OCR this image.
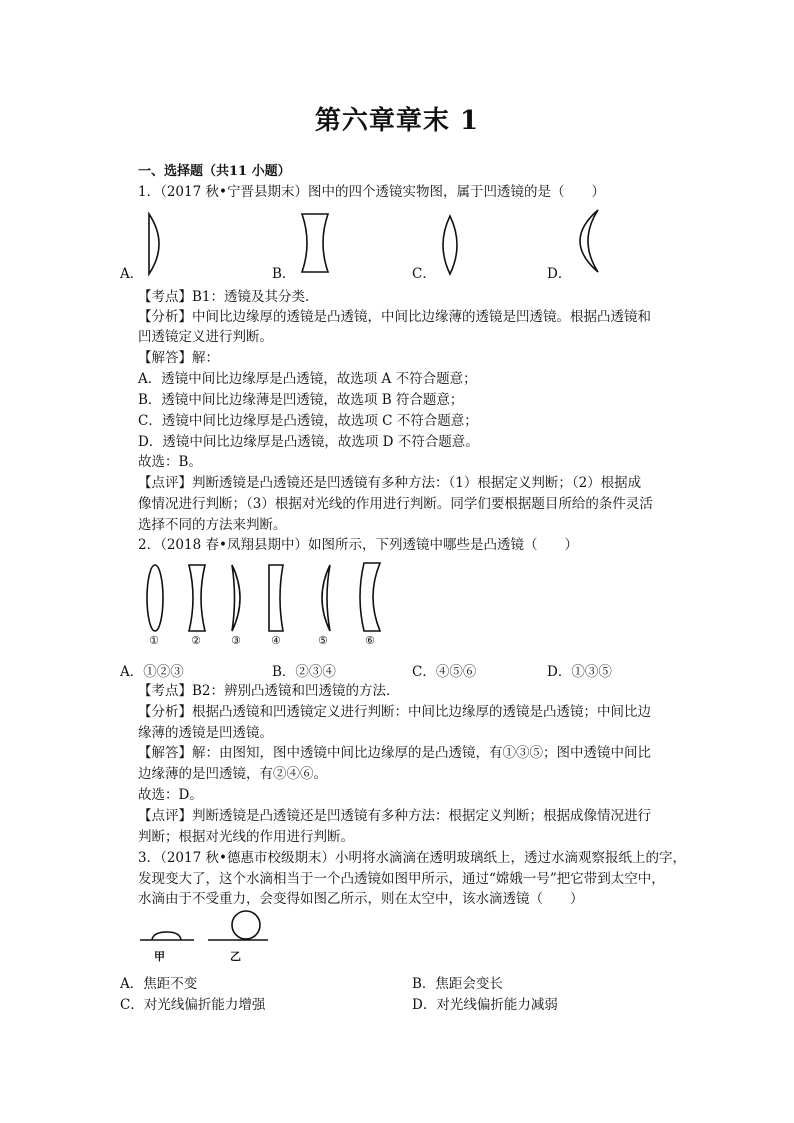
第六章章末 1
一、选择题（共11 小题）
1．（2017 秋•宁晋县期末）图中的四个透镜实物图，属于凹透镜的是（　　）
A．	B．	C．	D．
【考点】B1：透镜及其分类．
【分析】中间比边缘厚的透镜是凸透镜，中间比边缘薄的透镜是凹透镜。根据凸透镜和
凹透镜定义进行判断。
【解答】解：
A．透镜中间比边缘厚是凸透镜，故选项 A 不符合题意；
B．透镜中间比边缘薄是凹透镜，故选项 B 符合题意；
C．透镜中间比边缘厚是凸透镜，故选项 C 不符合题意；
D．透镜中间比边缘厚是凸透镜，故选项 D 不符合题意。
故选：B。
【点评】判断透镜是凸透镜还是凹透镜有多种方法：（1）根据定义判断；（2）根据成
像情况进行判断；（3）根据对光线的作用进行判断。同学们要根据题目所给的条件灵活
选择不同的方法来判断。
2．（2018 春•凤翔县期中）如图所示，下列透镜中哪些是凸透镜（　　）
①	②	③	④	⑤	⑥
A．①②③	B．②③④	C．④⑤⑥	D．①③⑤
【考点】B2：辨别凸透镜和凹透镜的方法．
【分析】根据凸透镜和凹透镜定义进行判断：中间比边缘厚的透镜是凸透镜；中间比边
缘薄的透镜是凹透镜。
【解答】解：由图知，图中透镜中间比边缘厚的是凸透镜，有①③⑤；图中透镜中间比
边缘薄的是凹透镜，有②④⑥。
故选：D。
【点评】判断透镜是凸透镜还是凹透镜有多种方法：根据定义判断；根据成像情况进行
判断；根据对光线的作用进行判断。
3．（2017 秋•德惠市校级期末）小明将水滴滴在透明玻璃纸上，透过水滴观察报纸上的字，
发现变大了，这个水滴相当于一个凸透镜如图甲所示，通过“嫦娥一号”把它带到太空中，
水滴由于不受重力，会变得如图乙所示，则在太空中，该水滴透镜（　　）
甲	乙
A．焦距不变	B．焦距会变长
C．对光线偏折能力增强	D．对光线偏折能力减弱
